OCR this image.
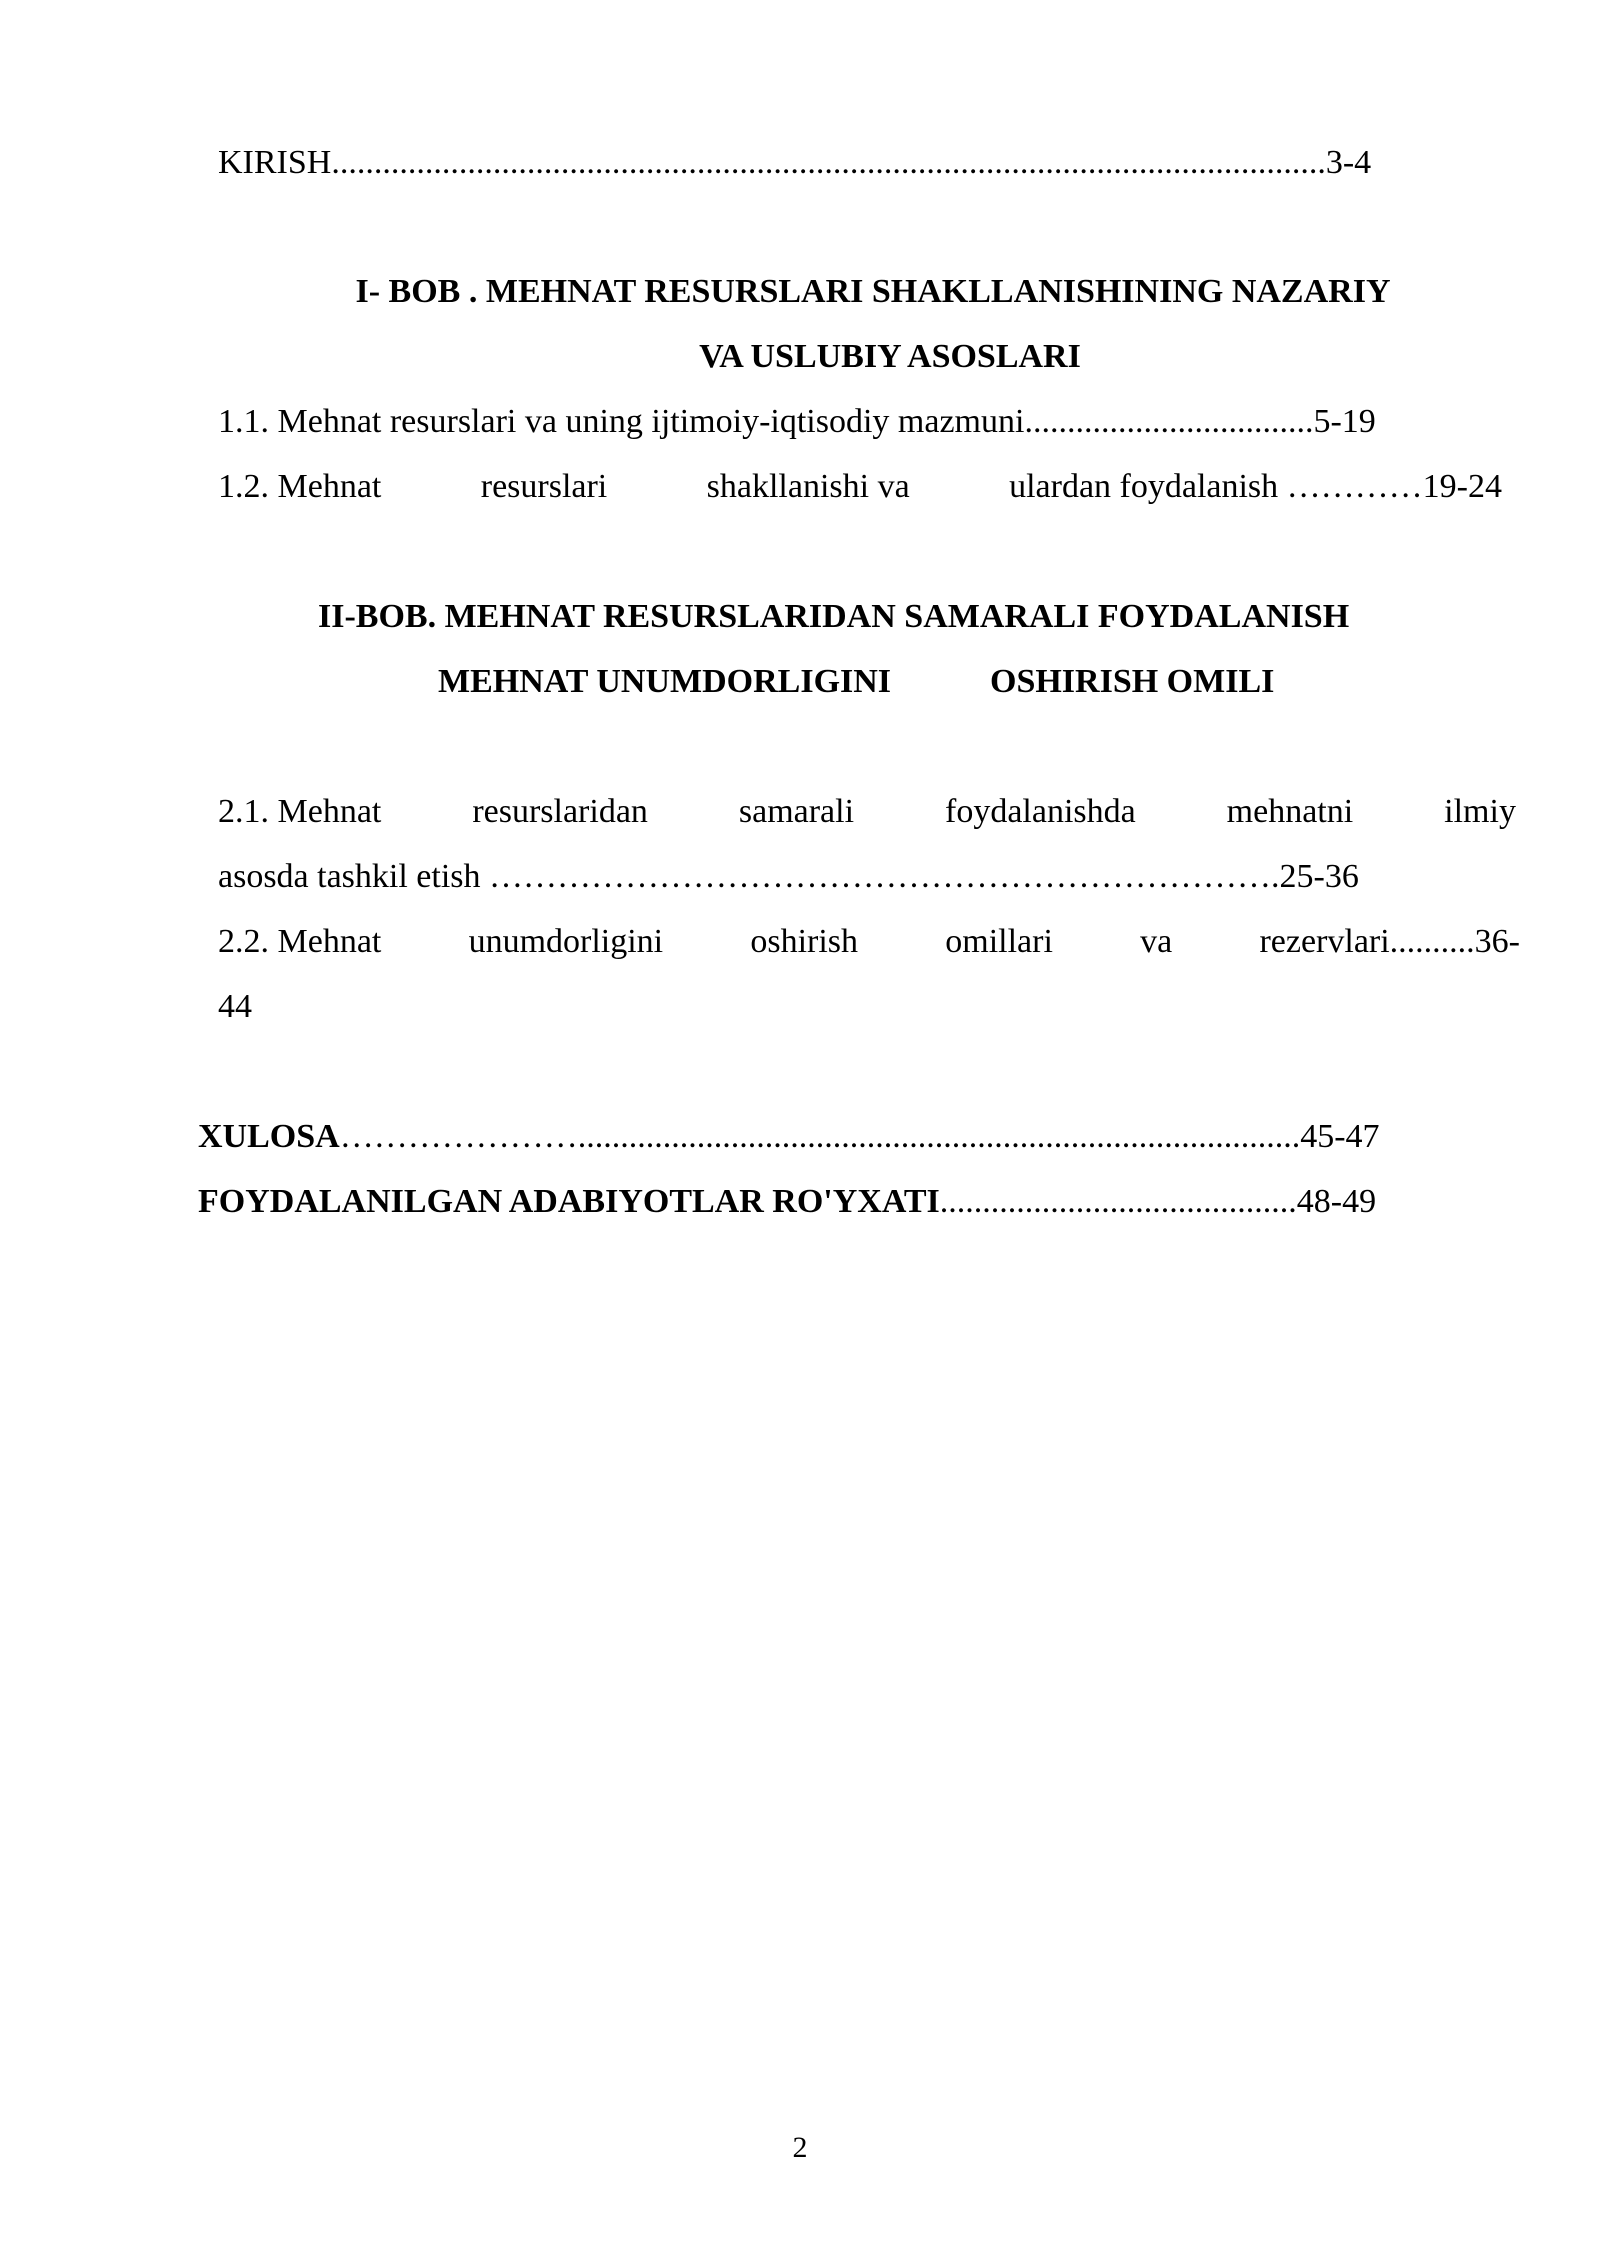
KIRISH.....................................................................................................................3-4
I- BOB . MEHNAT RESURSLARI SHAKLLANISHINING NAZARIY
VA USLUBIY ASOSLARI
1.1. Mehnat resurslari va uning ijtimoiy-iqtisodiy mazmuni..................................5-19
1.2. Mehnat	resurslari	shakllanishi va	ulardan foydalanish …………19-24
II-BOB. MEHNAT RESURSLARIDAN SAMARALI FOYDALANISH
MEHNAT UNUMDORLIGINI	OSHIRISH OMILI
2.1. Mehnat	resurslaridan	samarali	foydalanishda	mehnatni	ilmiy
asosda tashkil etish …………………………………………………………….25-36
2.2. Mehnat	unumdorligini	oshirish	omillari	va	rezervlari..........36-
44
XULOSA………………….....................................................................................45-47
FOYDALANILGAN ADABIYOTLAR RO'YXATI..........................................48-49
2
